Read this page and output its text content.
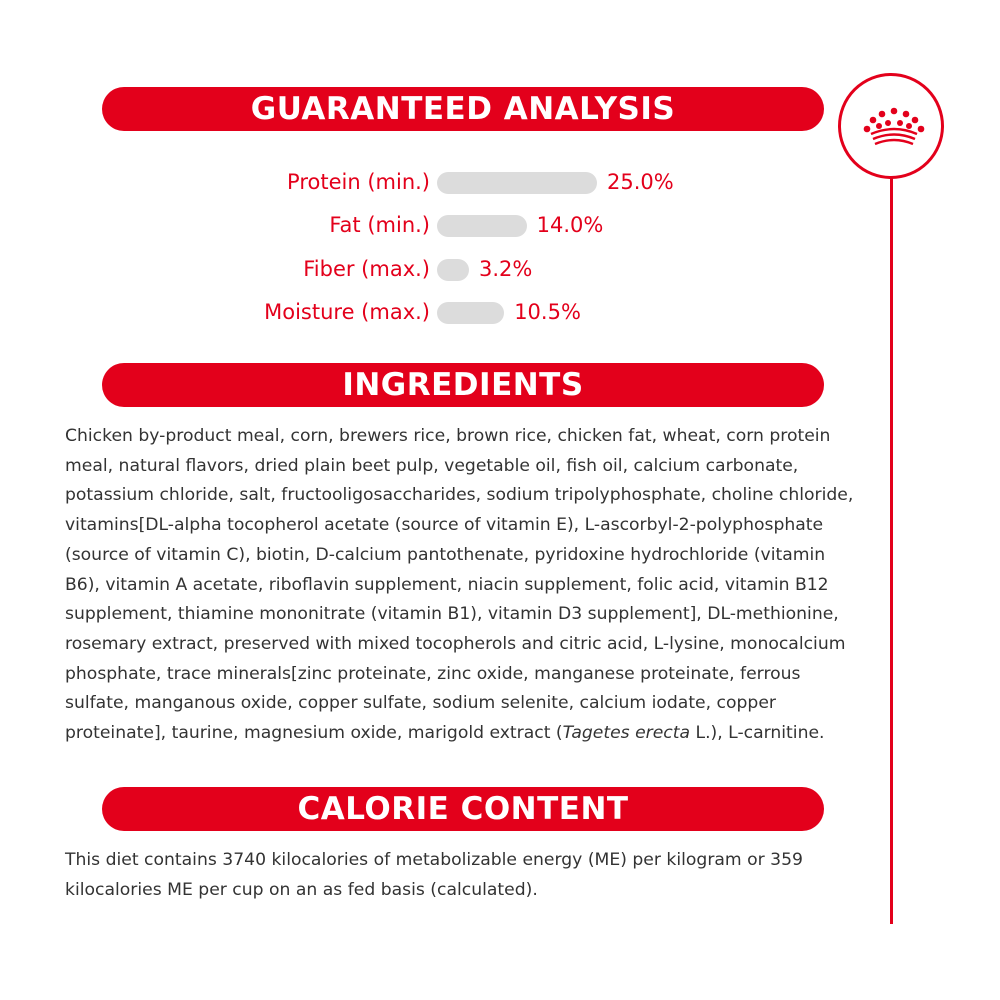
GUARANTEED ANALYSIS
Protein (min.)	25.0%
Fat (min.)	14.0%
Fiber (max.) 3.2%
Moisture (max.)	10.5%
INGREDIENTS

Chicken by-product meal, corn, brewers rice, brown rice, chicken fat, wheat, corn protein meal, natural flavors, dried plain beet pulp, vegetable oil, fish oil, calcium carbonate, potassium chloride, salt, fructooligosaccharides, sodium tripolyphosphate, choline chloride, vitamins[DL-alpha tocopherol acetate (source of vitamin E), L-ascorbyl-2-polyphosphate (source of vitamin C), biotin, D-calcium pantothenate, pyridoxine hydrochloride (vitamin B6), vitamin A acetate, riboflavin supplement, niacin supplement, folic acid, vitamin B12 supplement, thiamine mononitrate (vitamin B1), vitamin D3 supplement], DL-methionine, rosemary extract, preserved with mixed tocopherols and citric acid, L-lysine, monocalcium phosphate, trace minerals[zinc proteinate, zinc oxide, manganese proteinate, ferrous sulfate, manganous oxide, copper sulfate, sodium selenite, calcium iodate, copper proteinate], taurine, magnesium oxide, marigold extract (Tagetes erecta L.), L-carnitine.

CALORIE CONTENT

This diet contains 3740 kilocalories of metabolizable energy (ME) per kilogram or 359 kilocalories ME per cup on an as fed basis (calculated).
